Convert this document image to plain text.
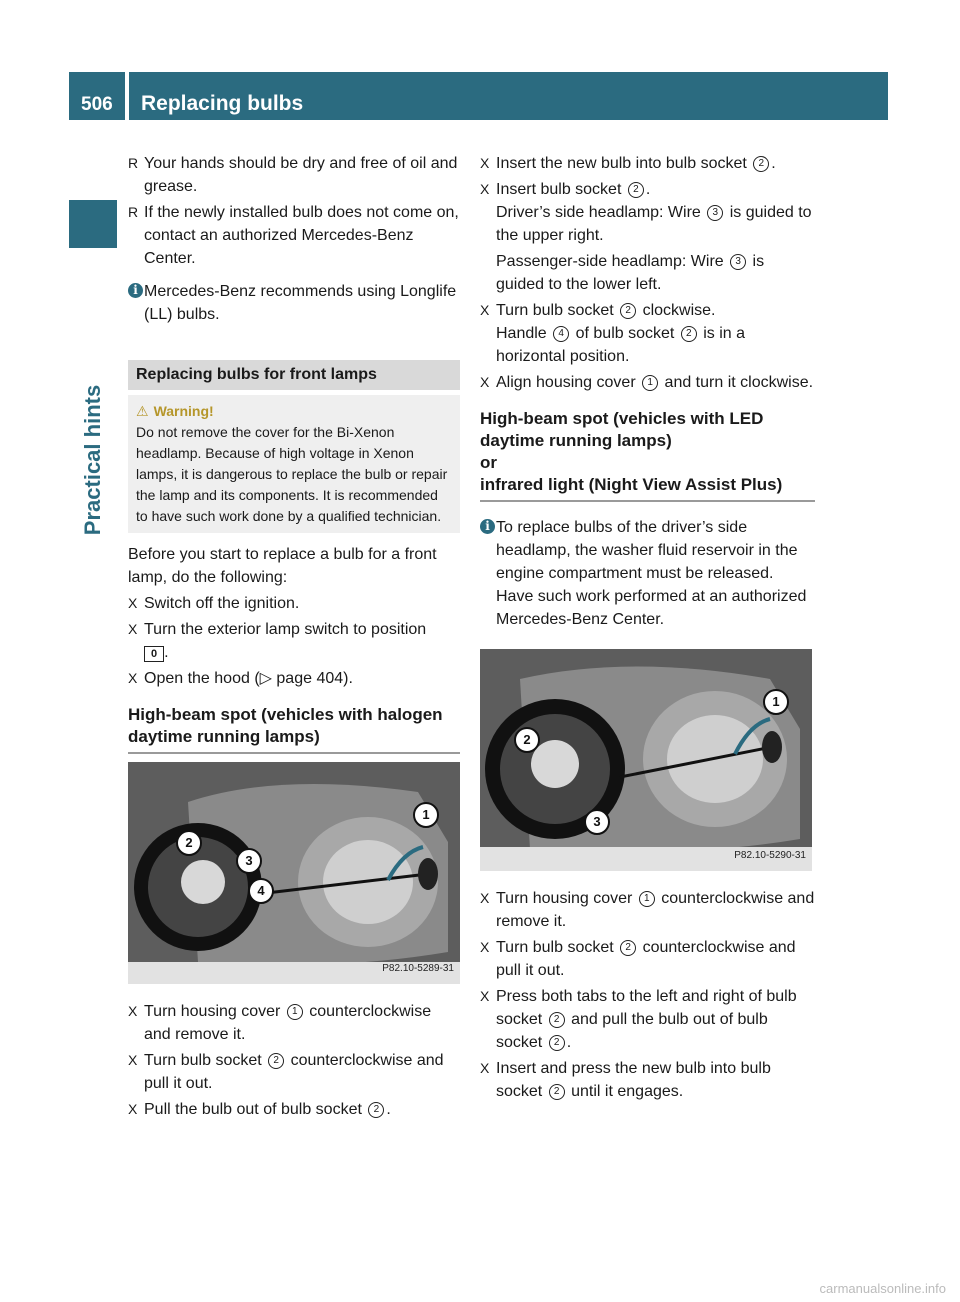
506 Replacing bulbs
Practical hints
R Your hands should be dry and free of oil and grease.
R If the newly installed bulb does not come on, contact an authorized Mercedes-Benz Center.
i Mercedes-Benz recommends using Longlife (LL) bulbs.
Replacing bulbs for front lamps
⚠ Warning!
Do not remove the cover for the Bi-Xenon headlamp. Because of high voltage in Xenon lamps, it is dangerous to replace the bulb or repair the lamp and its components. It is recommended to have such work done by a qualified technician.

Before you start to replace a bulb for a front lamp, do the following:

X Switch off the ignition.
X Turn the exterior lamp switch to position
0 .
X Open the hood (▷ page 404).
High-beam spot (vehicles with halogen daytime running lamps)
1
2
3
4
P82.10-5289-31
X Turn housing cover 1 counterclockwise and remove it.
X Turn bulb socket 2 counterclockwise and pull it out.
X Pull the bulb out of bulb socket 2 .
X Insert the new bulb into bulb socket 2 .
X Insert bulb socket 2 .
Driver’s side headlamp: Wire 3 is guided to the upper right.
Passenger-side headlamp: Wire 3 is guided to the lower left.
X Turn bulb socket 2 clockwise.
Handle 4 of bulb socket 2 is in a horizontal position.
X Align housing cover 1 and turn it clockwise.
High-beam spot (vehicles with LED daytime running lamps)
or
infrared light (Night View Assist Plus)
i To replace bulbs of the driver’s side headlamp, the washer fluid reservoir in the engine compartment must be released. Have such work performed at an authorized Mercedes-Benz Center.
1
2
3
P82.10-5290-31
X Turn housing cover 1 counterclockwise and remove it.
X Turn bulb socket 2 counterclockwise and pull it out.
X Press both tabs to the left and right of bulb socket 2 and pull the bulb out of bulb socket 2 .
X Insert and press the new bulb into bulb socket 2 until it engages.
carmanualsonline.info
